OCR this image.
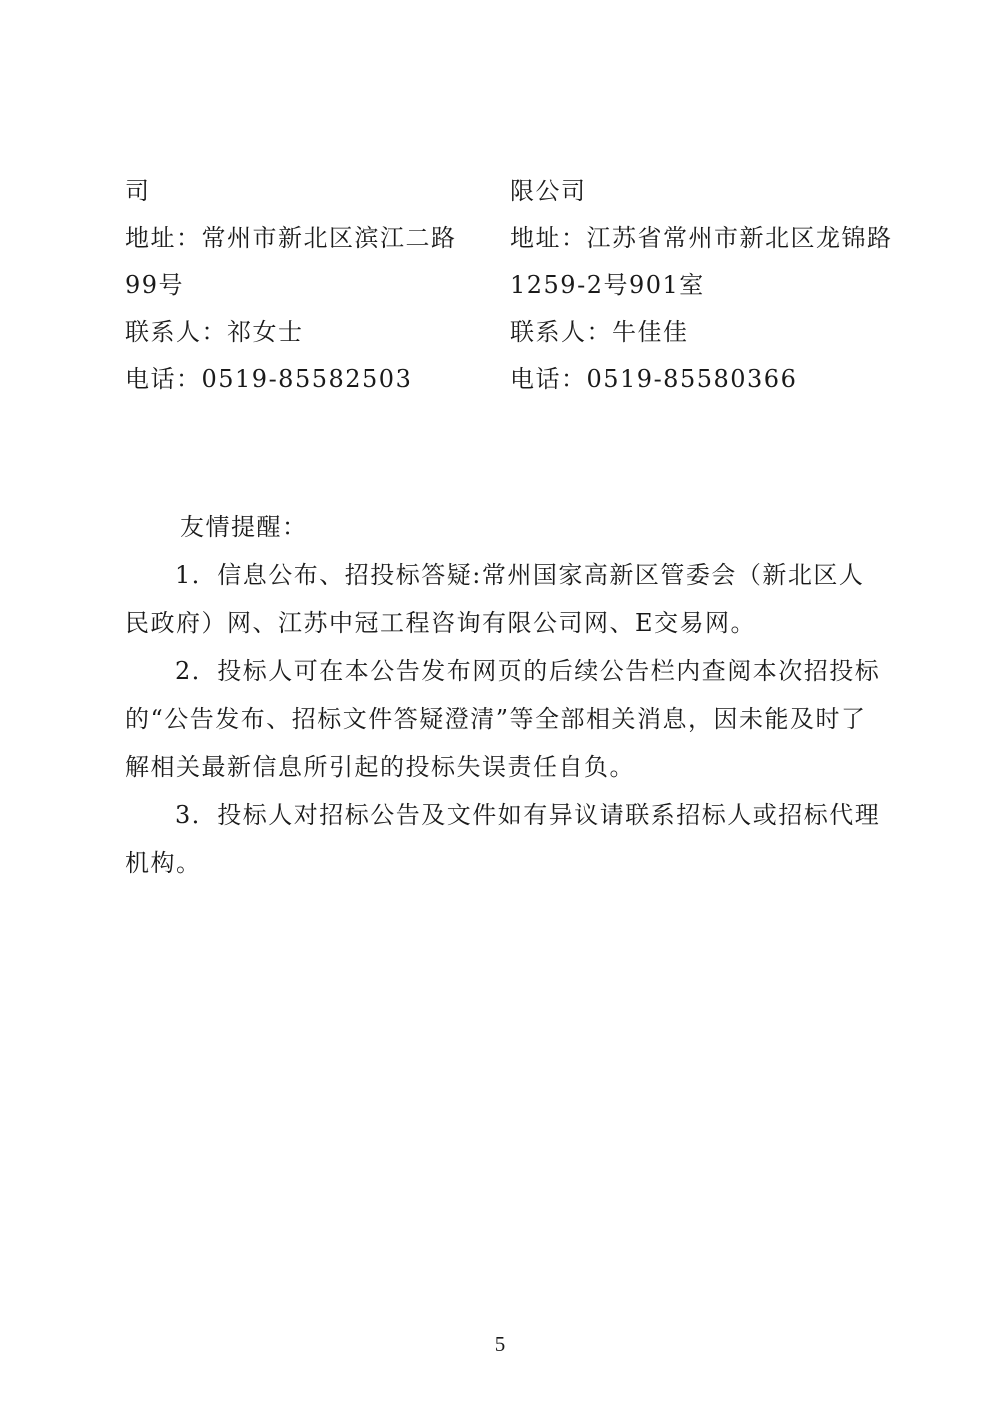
司
地址：常州市新北区滨江二路
99号
联系人：祁女士
电话：0519-85582503
限公司
地址：江苏省常州市新北区龙锦路
1259-2号901室
联系人：牛佳佳
电话：0519-85580366
友情提醒：

1．信息公布、招投标答疑:常州国家高新区管委会（新北区人民政府）网、江苏中冠工程咨询有限公司网、E交易网。

2．投标人可在本公告发布网页的后续公告栏内查阅本次招投标的“公告发布、招标文件答疑澄清”等全部相关消息，因未能及时了解相关最新信息所引起的投标失误责任自负。

3．投标人对招标公告及文件如有异议请联系招标人或招标代理机构。

5
